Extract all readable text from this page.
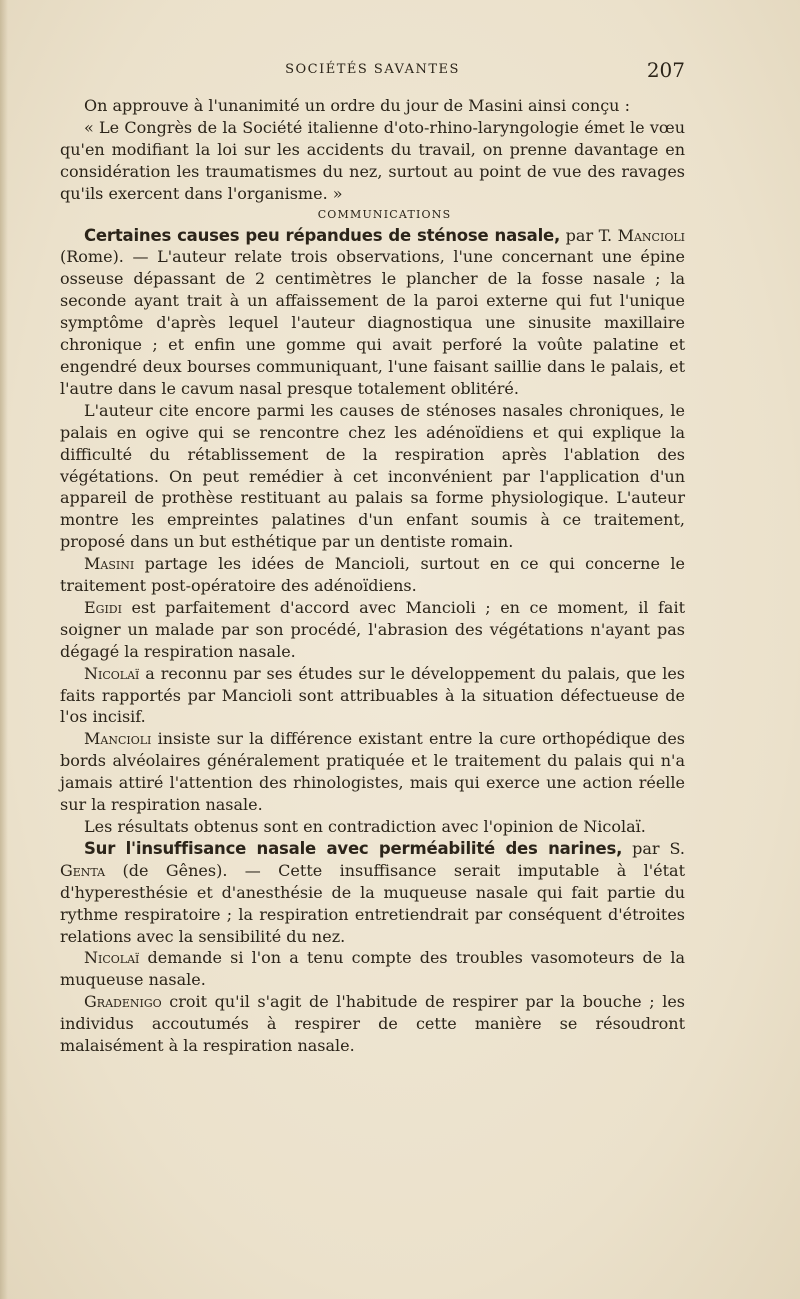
SOCIÉTÉS SAVANTES	207

On approuve à l'unanimité un ordre du jour de Masini ainsi conçu :

« Le Congrès de la Société italienne d'oto-rhino-laryngologie émet le vœu qu'en modifiant la loi sur les accidents du travail, on prenne davantage en considération les traumatismes du nez, surtout au point de vue des ravages qu'ils exercent dans l'organisme. »

COMMUNICATIONS

Certaines causes peu répandues de sténose nasale, par T. Mancioli (Rome). — L'auteur relate trois observations, l'une concernant une épine osseuse dépassant de 2 centimètres le plancher de la fosse nasale ; la seconde ayant trait à un affaissement de la paroi externe qui fut l'unique symptôme d'après lequel l'auteur diagnostiqua une sinusite maxillaire chronique ; et enfin une gomme qui avait perforé la voûte palatine et engendré deux bourses communiquant, l'une faisant saillie dans le palais, et l'autre dans le cavum nasal presque totalement oblitéré.

L'auteur cite encore parmi les causes de sténoses nasales chroniques, le palais en ogive qui se rencontre chez les adénoïdiens et qui explique la difficulté du rétablissement de la respiration après l'ablation des végétations. On peut remédier à cet inconvénient par l'application d'un appareil de prothèse restituant au palais sa forme physiologique. L'auteur montre les empreintes palatines d'un enfant soumis à ce traitement, proposé dans un but esthétique par un dentiste romain.

Masini partage les idées de Mancioli, surtout en ce qui concerne le traitement post-opératoire des adénoïdiens.

Egidi est parfaitement d'accord avec Mancioli ; en ce moment, il fait soigner un malade par son procédé, l'abrasion des végétations n'ayant pas dégagé la respiration nasale.

Nicolaï a reconnu par ses études sur le développement du palais, que les faits rapportés par Mancioli sont attribuables à la situation défectueuse de l'os incisif.

Mancioli insiste sur la différence existant entre la cure orthopédique des bords alvéolaires généralement pratiquée et le traitement du palais qui n'a jamais attiré l'attention des rhinologistes, mais qui exerce une action réelle sur la respiration nasale.

Les résultats obtenus sont en contradiction avec l'opinion de Nicolaï.

Sur l'insuffisance nasale avec perméabilité des narines, par S. Genta (de Gênes). — Cette insuffisance serait imputable à l'état d'hyperesthésie et d'anesthésie de la muqueuse nasale qui fait partie du rythme respiratoire ; la respiration entretiendrait par conséquent d'étroites relations avec la sensibilité du nez.

Nicolaï demande si l'on a tenu compte des troubles vasomoteurs de la muqueuse nasale.

Gradenigo croit qu'il s'agit de l'habitude de respirer par la bouche ; les individus accoutumés à respirer de cette manière se résoudront malaisément à la respiration nasale.
